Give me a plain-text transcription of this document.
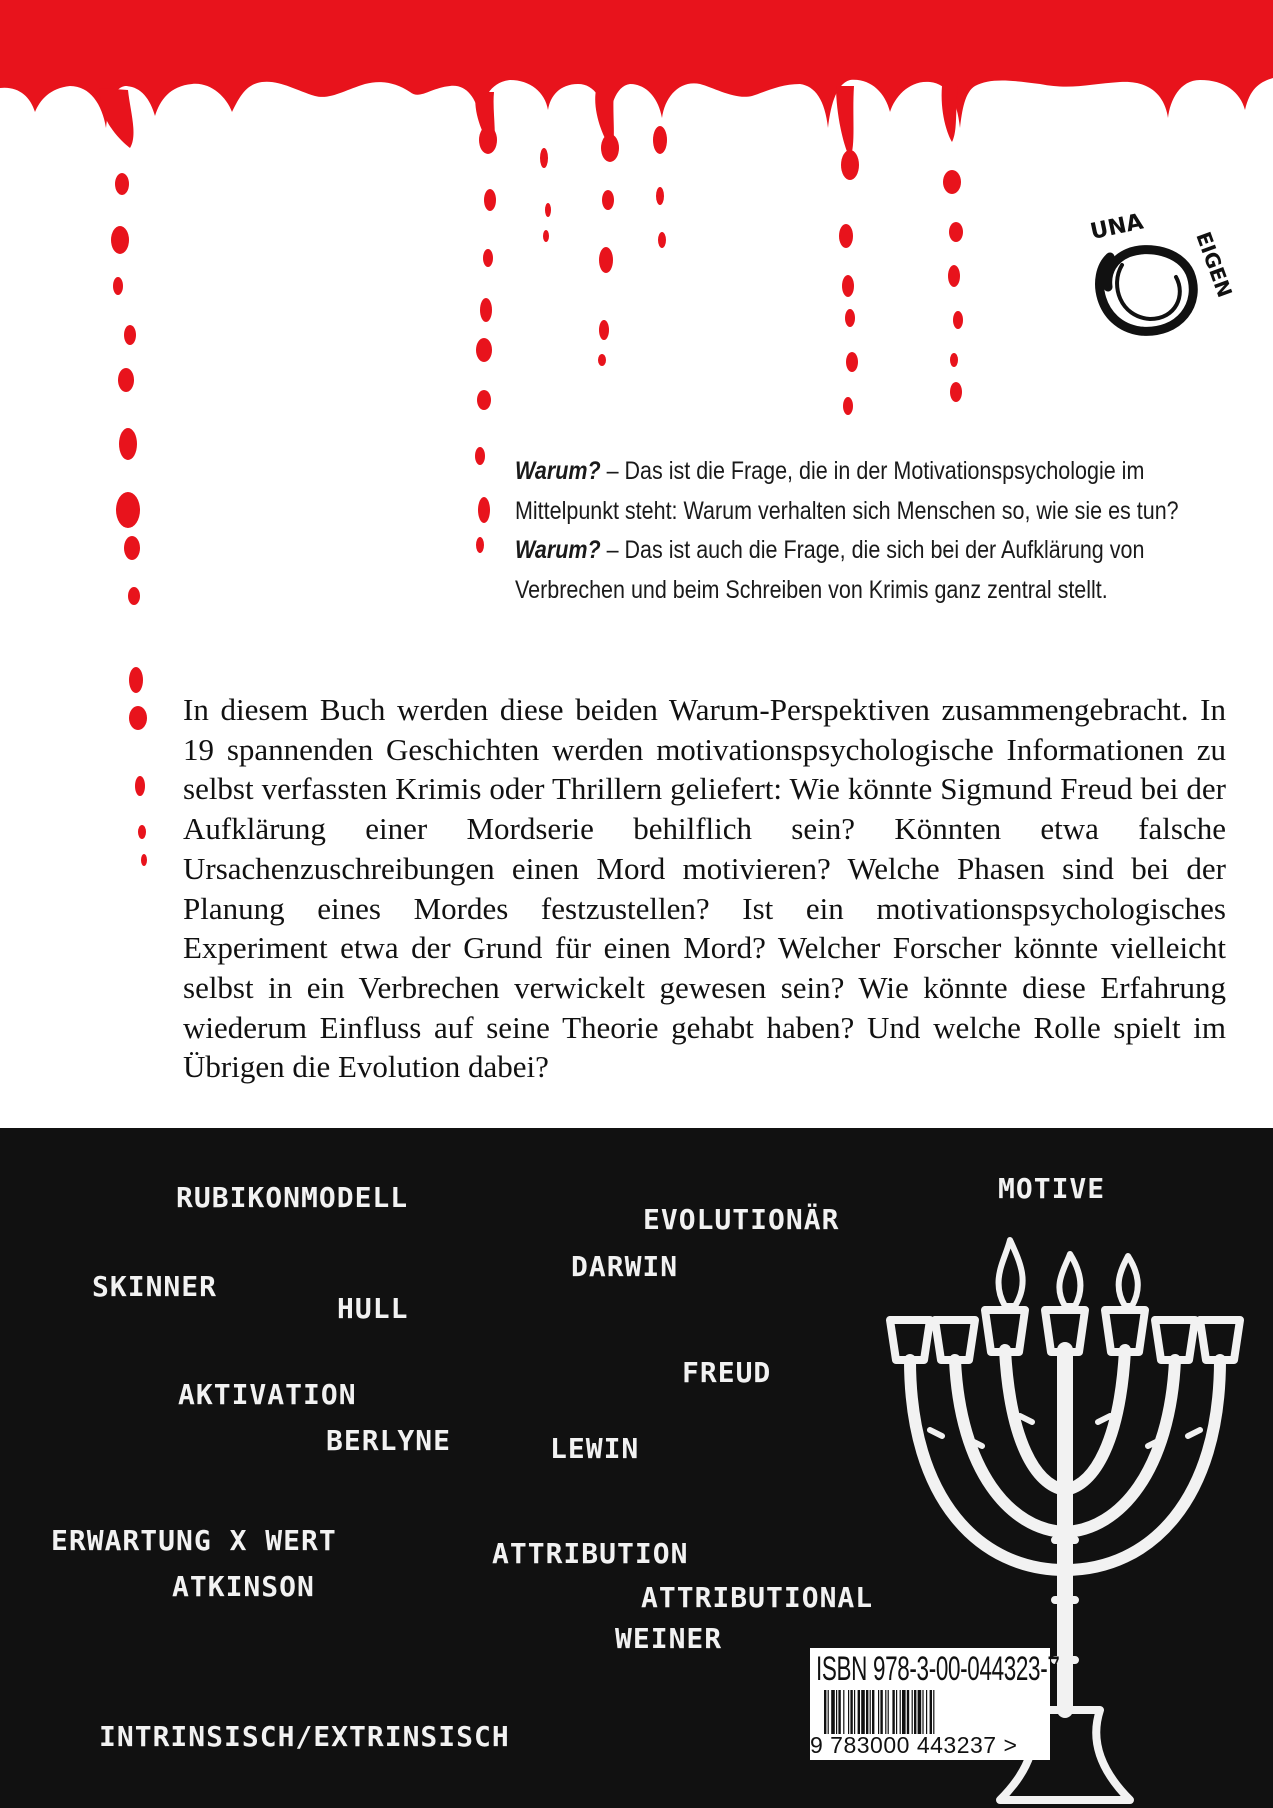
UNA
EIGEN

Warum? – Das ist die Frage, die in der Motivationspsychologie im Mittelpunkt steht: Warum verhalten sich Menschen so, wie sie es tun?

Warum? – Das ist auch die Frage, die sich bei der Aufklärung von Verbrechen und beim Schreiben von Krimis ganz zentral stellt.

In diesem Buch werden diese beiden Warum-Perspektiven zusammengebracht. In 19 spannenden Geschichten werden motivationspsychologische Informationen zu selbst verfassten Krimis oder Thrillern geliefert: Wie könnte Sigmund Freud bei der Aufklärung einer Mordserie behilflich sein? Könnten etwa falsche Ursachenzuschreibungen einen Mord motivieren? Welche Phasen sind bei der Planung eines Mordes festzustellen? Ist ein motivationspsychologisches Experiment etwa der Grund für einen Mord? Welcher Forscher könnte vielleicht selbst in ein Verbrechen verwickelt gewesen sein? Wie könnte diese Erfahrung wiederum Einfluss auf seine Theorie gehabt haben? Und welche Rolle spielt im Übrigen die Evolution dabei?

RUBIKONMODELL
EVOLUTIONÄR
MOTIVE
DARWIN
SKINNER
HULL
FREUD
AKTIVATION
BERLYNE	LEWIN
ERWARTUNG X WERT
ATKINSON
ATTRIBUTION
ATTRIBUTIONAL
WEINER
INTRINSISCH/EXTRINSISCH
ISBN 978-3-00-044323-7
9 783000 443237 >
